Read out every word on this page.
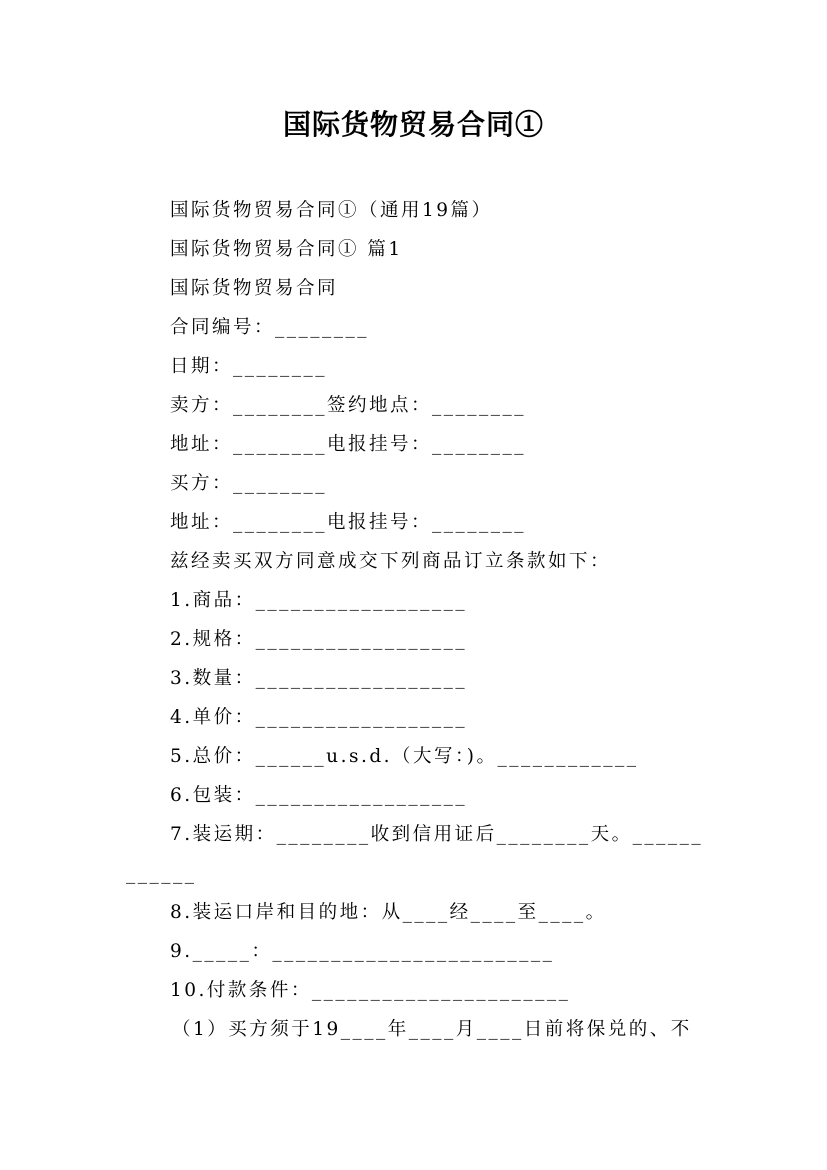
国际货物贸易合同①
国际货物贸易合同①（通用19篇）
国际货物贸易合同① 篇1
国际货物贸易合同
合同编号：________
日期：________
卖方：________签约地点：________
地址：________电报挂号：________
买方：________
地址：________电报挂号：________
兹经卖买双方同意成交下列商品订立条款如下：
1.商品：__________________
2.规格：__________________
3.数量：__________________
4.单价：__________________
5.总价：______u.s.d.（大写：)。____________
6.包装：__________________
7.装运期：________收到信用证后________天。______
______
8.装运口岸和目的地：从____经____至____。
9._____：________________________
10.付款条件：______________________
（1）买方须于19____年____月____日前将保兑的、不
